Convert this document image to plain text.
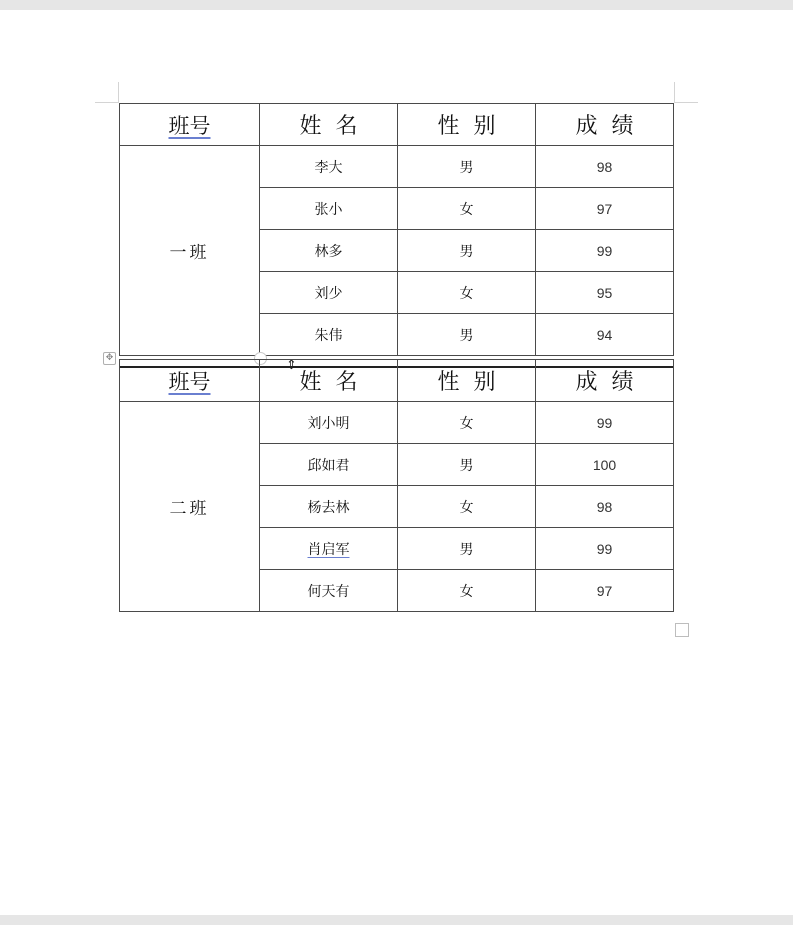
班号	姓名	性别	成绩
一班	李大	男	98
	张小	女	97
	林多	男	99
	刘少	女	95
	朱伟	男	94
✥	⇕
班号	姓名	性别	成绩
二班	刘小明	女	99
	邱如君	男	100
	杨去林	女	98
	肖启军	男	99
	何天有	女	97
